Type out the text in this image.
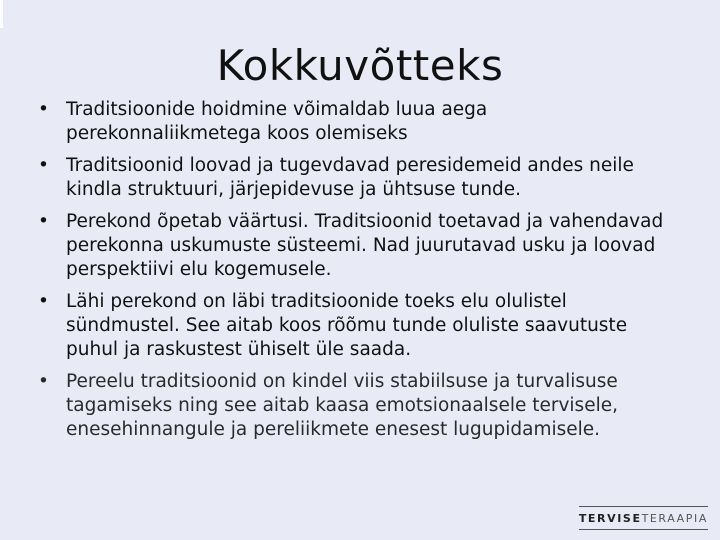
Kokkuvõtteks
• Traditsioonide hoidmine võimaldab luua aega perekonnaliikmetega koos olemiseks
• Traditsioonid loovad ja tugevdavad peresidemeid andes neile kindla struktuuri, järjepidevuse ja ühtsuse tunde.
• Perekond õpetab väärtusi. Traditsioonid toetavad ja vahendavad perekonna uskumuste süsteemi. Nad juurutavad usku ja loovad perspektiivi elu kogemusele.
• Lähi perekond on läbi traditsioonide toeks elu olulistel sündmustel. See aitab koos rõõmu tunde oluliste saavutuste puhul ja raskustest ühiselt üle saada.
• Pereelu traditsioonid on kindel viis stabiilsuse ja turvalisuse tagamiseks ning see aitab kaasa emotsionaalsele tervisele, enesehinnangule ja pereliikmete enesest lugupidamisele.
TERVISE TERAAPIA
